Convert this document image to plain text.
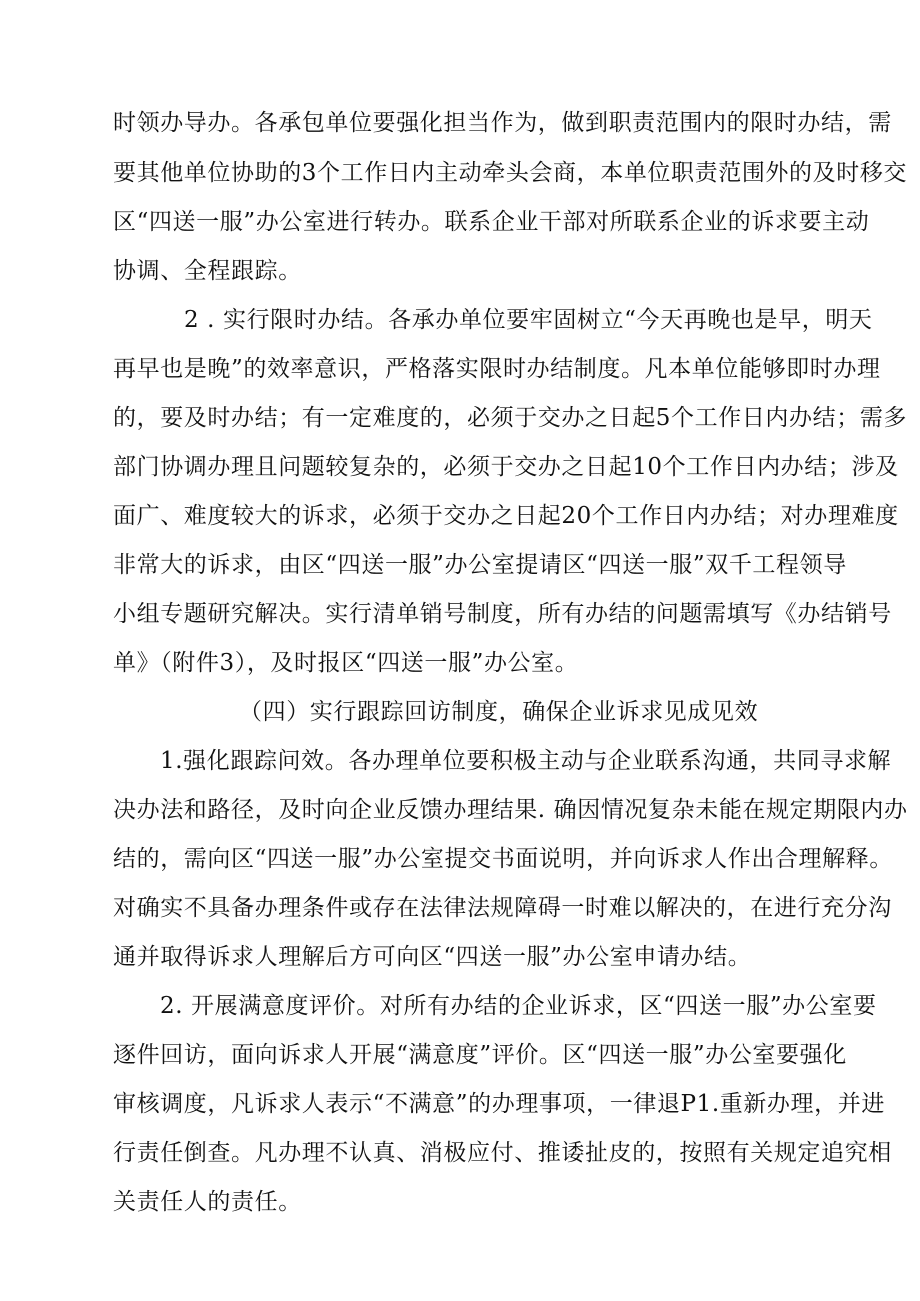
时领办导办。各承包单位要强化担当作为，做到职责范围内的限时办结，需

要其他单位协助的3个工作日内主动牵头会商，本单位职责范围外的及时移交

区“四送一服”办公室进行转办。联系企业干部对所联系企业的诉求要主动

协调、全程跟踪。

2 . 实行限时办结。各承办单位要牢固树立“今天再晚也是早，明天

再早也是晚”的效率意识，严格落实限时办结制度。凡本单位能够即时办理

的，要及时办结；有一定难度的，必须于交办之日起5个工作日内办结；需多

部门协调办理且问题较复杂的，必须于交办之日起10个工作日内办结；涉及

面广、难度较大的诉求，必须于交办之日起20个工作日内办结；对办理难度

非常大的诉求，由区“四送一服”办公室提请区“四送一服”双千工程领导

小组专题研究解决。实行清单销号制度，所有办结的问题需填写《办结销号

单》（附件3），及时报区“四送一服”办公室。

（四）实行跟踪回访制度，确保企业诉求见成见效

1.强化跟踪问效。各办理单位要积极主动与企业联系沟通，共同寻求解

决办法和路径，及时向企业反馈办理结果. 确因情况复杂未能在规定期限内办

结的，需向区“四送一服”办公室提交书面说明，并向诉求人作出合理解释。

对确实不具备办理条件或存在法律法规障碍一时难以解决的，在进行充分沟

通并取得诉求人理解后方可向区“四送一服”办公室申请办结。

2. 开展满意度评价。对所有办结的企业诉求，区“四送一服”办公室要

逐件回访，面向诉求人开展“满意度”评价。区“四送一服”办公室要强化

审核调度，凡诉求人表示“不满意”的办理事项，一律退P1.重新办理，并进

行责任倒查。凡办理不认真、消极应付、推诿扯皮的，按照有关规定追究相

关责任人的责任。
